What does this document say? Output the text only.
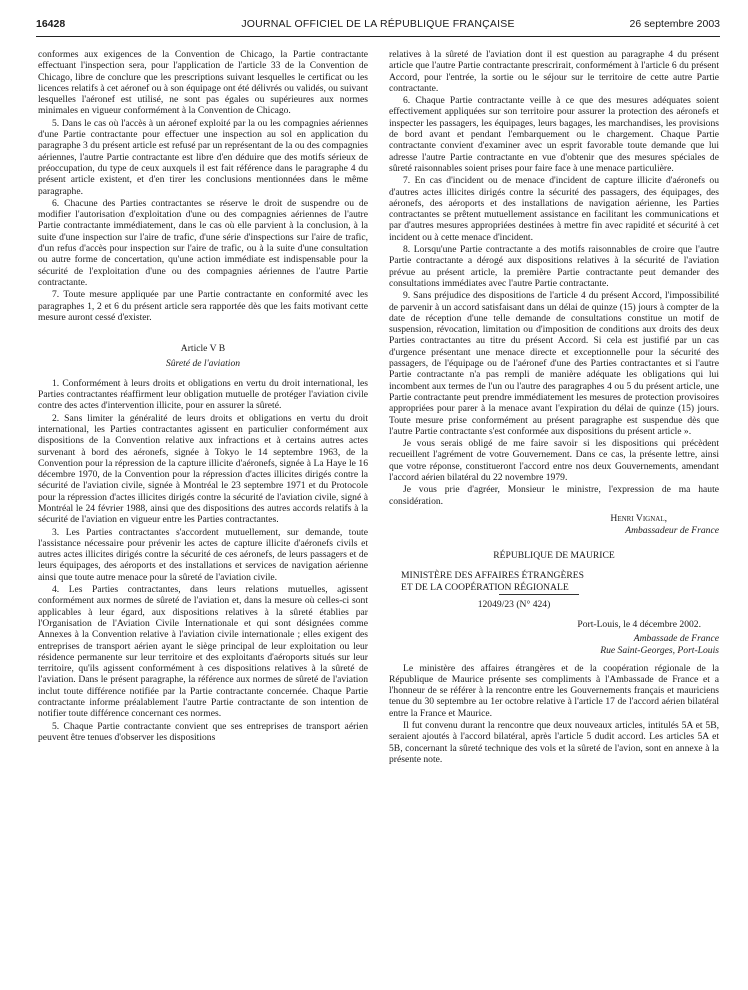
16428	JOURNAL OFFICIEL DE LA RÉPUBLIQUE FRANÇAISE	26 septembre 2003

conformes aux exigences de la Convention de Chicago, la Partie contractante effectuant l'inspection sera, pour l'application de l'article 33 de la Convention de Chicago, libre de conclure que les prescriptions suivant lesquelles le certificat ou les licences relatifs à cet aéronef ou à son équipage ont été délivrés ou validés, ou suivant lesquelles l'aéronef est utilisé, ne sont pas égales ou supérieures aux normes minimales en vigueur conformément à la Convention de Chicago.

5. Dans le cas où l'accès à un aéronef exploité par la ou les compagnies aériennes d'une Partie contractante pour effectuer une inspection au sol en application du paragraphe 3 du présent article est refusé par un représentant de la ou des compagnies aériennes, l'autre Partie contractante est libre d'en déduire que des motifs sérieux de préoccupation, du type de ceux auxquels il est fait référence dans le paragraphe 4 du présent article existent, et d'en tirer les conclusions mentionnées dans le même paragraphe.

6. Chacune des Parties contractantes se réserve le droit de suspendre ou de modifier l'autorisation d'exploitation d'une ou des compagnies aériennes de l'autre Partie contractante immédiatement, dans le cas où elle parvient à la conclusion, à la suite d'une inspection sur l'aire de trafic, d'une série d'inspections sur l'aire de trafic, d'un refus d'accès pour inspection sur l'aire de trafic, ou à la suite d'une consultation ou autre forme de concertation, qu'une action immédiate est indispensable pour la sécurité de l'exploitation d'une ou des compagnies aériennes de l'autre Partie contractante.

7. Toute mesure appliquée par une Partie contractante en conformité avec les paragraphes 1, 2 et 6 du présent article sera rapportée dès que les faits motivant cette mesure auront cessé d'exister.

Article V B

Sûreté de l'aviation

1. Conformément à leurs droits et obligations en vertu du droit international, les Parties contractantes réaffirment leur obligation mutuelle de protéger l'aviation civile contre des actes d'intervention illicite, pour en assurer la sûreté.

2. Sans limiter la généralité de leurs droits et obligations en vertu du droit international, les Parties contractantes agissent en particulier conformément aux dispositions de la Convention relative aux infractions et à certains autres actes survenant à bord des aéronefs, signée à Tokyo le 14 septembre 1963, de la Convention pour la répression de la capture illicite d'aéronefs, signée à La Haye le 16 décembre 1970, de la Convention pour la répression d'actes illicites dirigés contre la sécurité de l'aviation civile, signée à Montréal le 23 septembre 1971 et du Protocole pour la répression d'actes illicites dirigés contre la sécurité de l'aviation civile, signé à Montréal le 24 février 1988, ainsi que des dispositions des autres accords relatifs à la sécurité de l'aviation en vigueur entre les Parties contractantes.

3. Les Parties contractantes s'accordent mutuellement, sur demande, toute l'assistance nécessaire pour prévenir les actes de capture illicite d'aéronefs civils et autres actes illicites dirigés contre la sécurité de ces aéronefs, de leurs passagers et de leurs équipages, des aéroports et des installations et services de navigation aérienne ainsi que toute autre menace pour la sûreté de l'aviation civile.

4. Les Parties contractantes, dans leurs relations mutuelles, agissent conformément aux normes de sûreté de l'aviation et, dans la mesure où celles-ci sont applicables à leur égard, aux dispositions relatives à la sûreté établies par l'Organisation de l'Aviation Civile Internationale et qui sont désignées comme Annexes à la Convention relative à l'aviation civile internationale ; elles exigent des entreprises de transport aérien ayant le siège principal de leur exploitation ou leur résidence permanente sur leur territoire et des exploitants d'aéroports situés sur leur territoire, qu'ils agissent conformément à ces dispositions relatives à la sûreté de l'aviation. Dans le présent paragraphe, la référence aux normes de sûreté de l'aviation inclut toute différence notifiée par la Partie contractante concernée. Chaque Partie contractante informe préalablement l'autre Partie contractante de son intention de notifier toute différence concernant ces normes.

5. Chaque Partie contractante convient que ses entreprises de transport aérien peuvent être tenues d'observer les dispositions

relatives à la sûreté de l'aviation dont il est question au paragraphe 4 du présent article que l'autre Partie contractante prescrirait, conformément à l'article 6 du présent Accord, pour l'entrée, la sortie ou le séjour sur le territoire de cette autre Partie contractante.

6. Chaque Partie contractante veille à ce que des mesures adéquates soient effectivement appliquées sur son territoire pour assurer la protection des aéronefs et inspecter les passagers, les équipages, leurs bagages, les marchandises, les provisions de bord avant et pendant l'embarquement ou le chargement. Chaque Partie contractante convient d'examiner avec un esprit favorable toute demande que lui adresse l'autre Partie contractante en vue d'obtenir que des mesures spéciales de sûreté raisonnables soient prises pour faire face à une menace particulière.

7. En cas d'incident ou de menace d'incident de capture illicite d'aéronefs ou d'autres actes illicites dirigés contre la sécurité des passagers, des équipages, des aéronefs, des aéroports et des installations de navigation aérienne, les Parties contractantes se prêtent mutuellement assistance en facilitant les communications et par d'autres mesures appropriées destinées à mettre fin avec rapidité et sécurité à cet incident ou à cette menace d'incident.

8. Lorsqu'une Partie contractante a des motifs raisonnables de croire que l'autre Partie contractante a dérogé aux dispositions relatives à la sécurité de l'aviation prévue au présent article, la première Partie contractante peut demander des consultations immédiates avec l'autre Partie contractante.

9. Sans préjudice des dispositions de l'article 4 du présent Accord, l'impossibilité de parvenir à un accord satisfaisant dans un délai de quinze (15) jours à compter de la date de réception d'une telle demande de consultations constitue un motif de suspension, révocation, limitation ou d'imposition de conditions aux droits des deux Parties contractantes au titre du présent Accord. Si cela est justifié par un cas d'urgence présentant une menace directe et exceptionnelle pour la sécurité des passagers, de l'équipage ou de l'aéronef d'une des Parties contractantes et si l'autre Partie contractante n'a pas rempli de manière adéquate les obligations qui lui incombent aux termes de l'un ou l'autre des paragraphes 4 ou 5 du présent article, une Partie contractante peut prendre immédiatement les mesures de protection provisoires appropriées pour parer à la menace avant l'expiration du délai de quinze (15) jours. Toute mesure prise conformément au présent paragraphe est suspendue dès que l'autre Partie contractante s'est conformée aux dispositions du présent article ».

Je vous serais obligé de me faire savoir si les dispositions qui précèdent recueillent l'agrément de votre Gouvernement. Dans ce cas, la présente lettre, ainsi que votre réponse, constitueront l'accord entre nos deux Gouvernements, amendant l'accord aérien bilatéral du 22 novembre 1979.

Je vous prie d'agréer, Monsieur le ministre, l'expression de ma haute considération.

Henri Vignal,

Ambassadeur de France

RÉPUBLIQUE DE MAURICE

MINISTÈRE DES AFFAIRES ÉTRANGÈRES

ET DE LA COOPÉRATION RÉGIONALE

12049/23 (N° 424)

Port-Louis, le 4 décembre 2002.

Ambassade de France

Rue Saint-Georges, Port-Louis

Le ministère des affaires étrangères et de la coopération régionale de la République de Maurice présente ses compliments à l'Ambassade de France et a l'honneur de se référer à la rencontre entre les Gouvernements français et mauriciens tenue du 30 septembre au 1er octobre relative à l'article 17 de l'accord aérien bilatéral entre la France et Maurice.

Il fut convenu durant la rencontre que deux nouveaux articles, intitulés 5A et 5B, seraient ajoutés à l'accord bilatéral, après l'article 5 dudit accord. Les articles 5A et 5B, concernant la sûreté technique des vols et la sûreté de l'avion, sont en annexe à la présente note.
